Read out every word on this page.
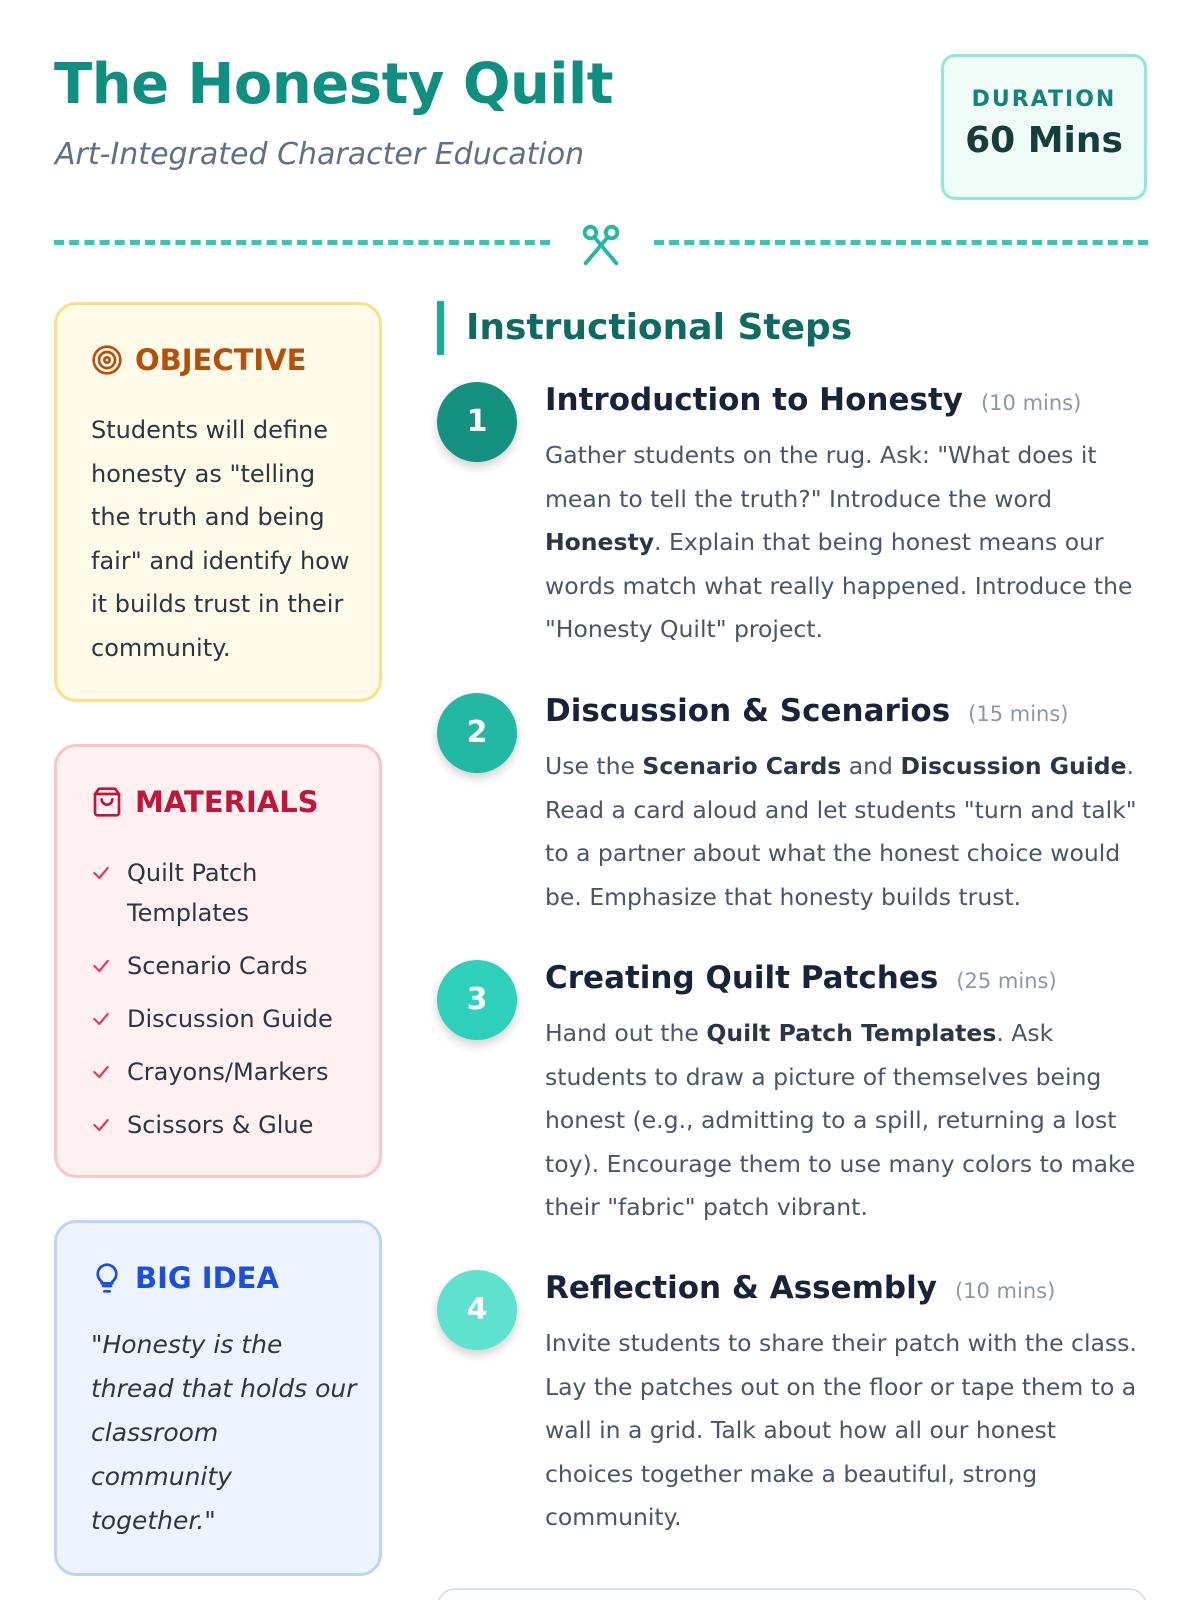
The Honesty Quilt
Art-Integrated Character Education
DURATION
60 Mins
OBJECTIVE
Students will define honesty as "telling the truth and being fair" and identify how it builds trust in their community.
MATERIALS
Quilt Patch Templates
Scenario Cards
Discussion Guide
Crayons/Markers
Scissors & Glue
BIG IDEA
"Honesty is the thread that holds our classroom community together."
Instructional Steps
1
Introduction to Honesty (10 mins)
Gather students on the rug. Ask: "What does it mean to tell the truth?" Introduce the word Honesty. Explain that being honest means our words match what really happened. Introduce the "Honesty Quilt" project.
2
Discussion & Scenarios (15 mins)
Use the Scenario Cards and Discussion Guide. Read a card aloud and let students "turn and talk" to a partner about what the honest choice would be. Emphasize that honesty builds trust.
3
Creating Quilt Patches (25 mins)
Hand out the Quilt Patch Templates. Ask students to draw a picture of themselves being honest (e.g., admitting to a spill, returning a lost toy). Encourage them to use many colors to make their "fabric" patch vibrant.
4
Reflection & Assembly (10 mins)
Invite students to share their patch with the class. Lay the patches out on the floor or tape them to a wall in a grid. Talk about how all our honest choices together make a beautiful, strong community.
